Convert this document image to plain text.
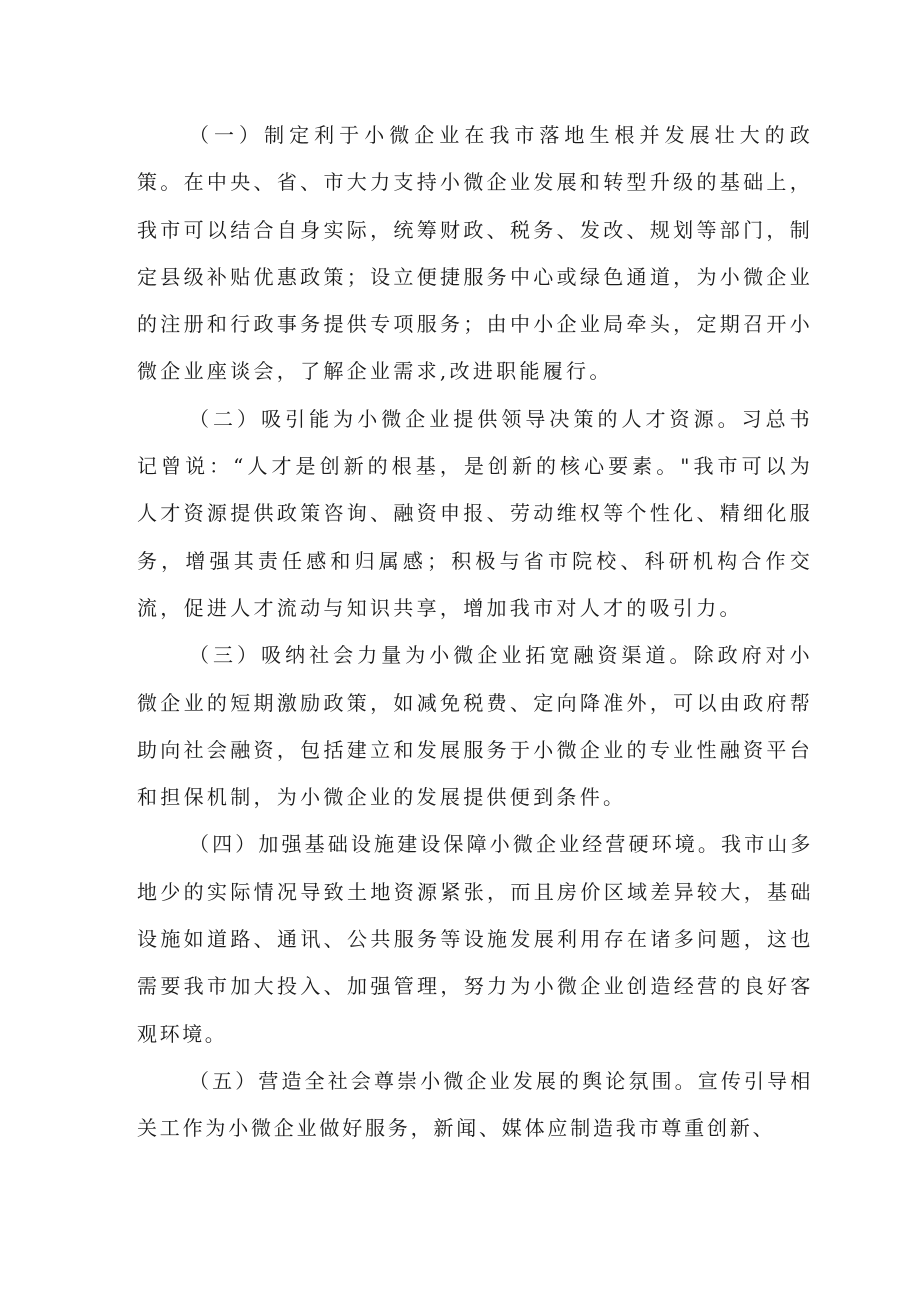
（一）制定利于小微企业在我市落地生根并发展壮大的政策。在中央、省、市大力支持小微企业发展和转型升级的基础上，我市可以结合自身实际，统筹财政、税务、发改、规划等部门，制定县级补贴优惠政策；设立便捷服务中心或绿色通道，为小微企业的注册和行政事务提供专项服务；由中小企业局牵头，定期召开小微企业座谈会，了解企业需求,改进职能履行。

（二）吸引能为小微企业提供领导决策的人才资源。习总书记曾说：“人才是创新的根基，是创新的核心要素。"我市可以为人才资源提供政策咨询、融资申报、劳动维权等个性化、精细化服务，增强其责任感和归属感；积极与省市院校、科研机构合作交流，促进人才流动与知识共享，增加我市对人才的吸引力。

（三）吸纳社会力量为小微企业拓宽融资渠道。除政府对小微企业的短期激励政策，如减免税费、定向降准外，可以由政府帮助向社会融资，包括建立和发展服务于小微企业的专业性融资平台和担保机制，为小微企业的发展提供便到条件。

（四）加强基础设施建设保障小微企业经营硬环境。我市山多地少的实际情况导致土地资源紧张，而且房价区域差异较大，基础设施如道路、通讯、公共服务等设施发展利用存在诸多问题，这也需要我市加大投入、加强管理，努力为小微企业创造经营的良好客观环境。

（五）营造全社会尊崇小微企业发展的舆论氛围。宣传引导相关工作为小微企业做好服务，新闻、媒体应制造我市尊重创新、
